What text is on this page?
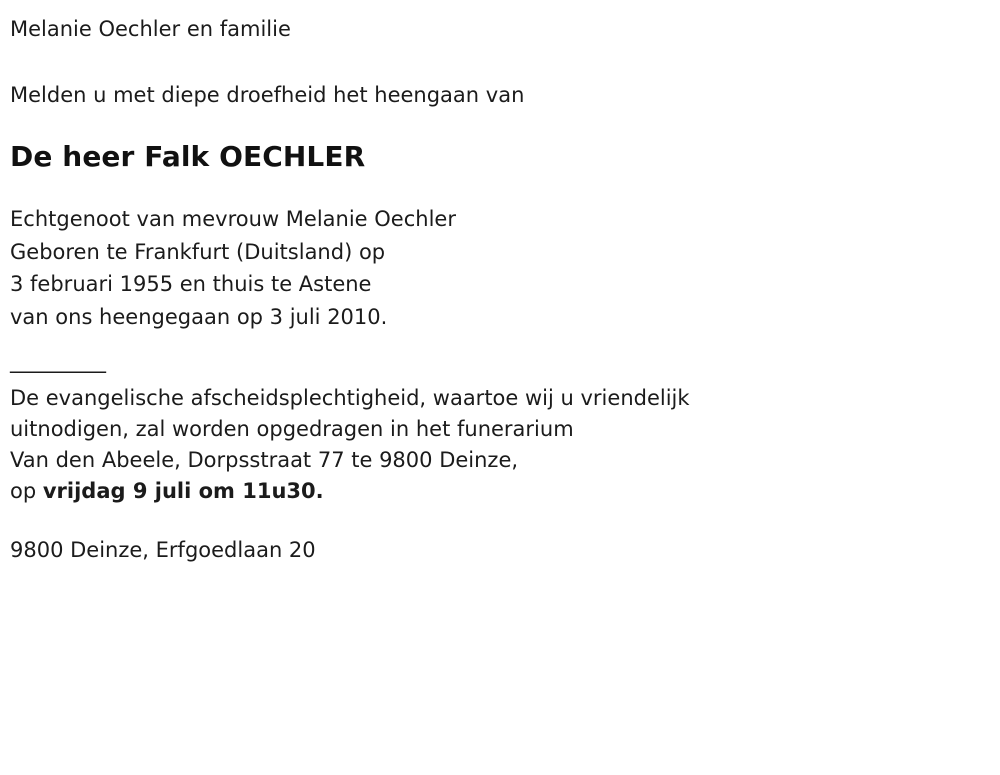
Melanie Oechler en familie
Melden u met diepe droefheid het heengaan van
De heer Falk OECHLER
Echtgenoot van mevrouw Melanie Oechler
Geboren te Frankfurt (Duitsland) op
3 februari 1955 en thuis te Astene
van ons heengegaan op 3 juli 2010.
__________
De evangelische afscheidsplechtigheid, waartoe wij u vriendelijk
uitnodigen, zal worden opgedragen in het funerarium
Van den Abeele, Dorpsstraat 77 te 9800 Deinze,
op vrijdag 9 juli om 11u30.
9800 Deinze, Erfgoedlaan 20
